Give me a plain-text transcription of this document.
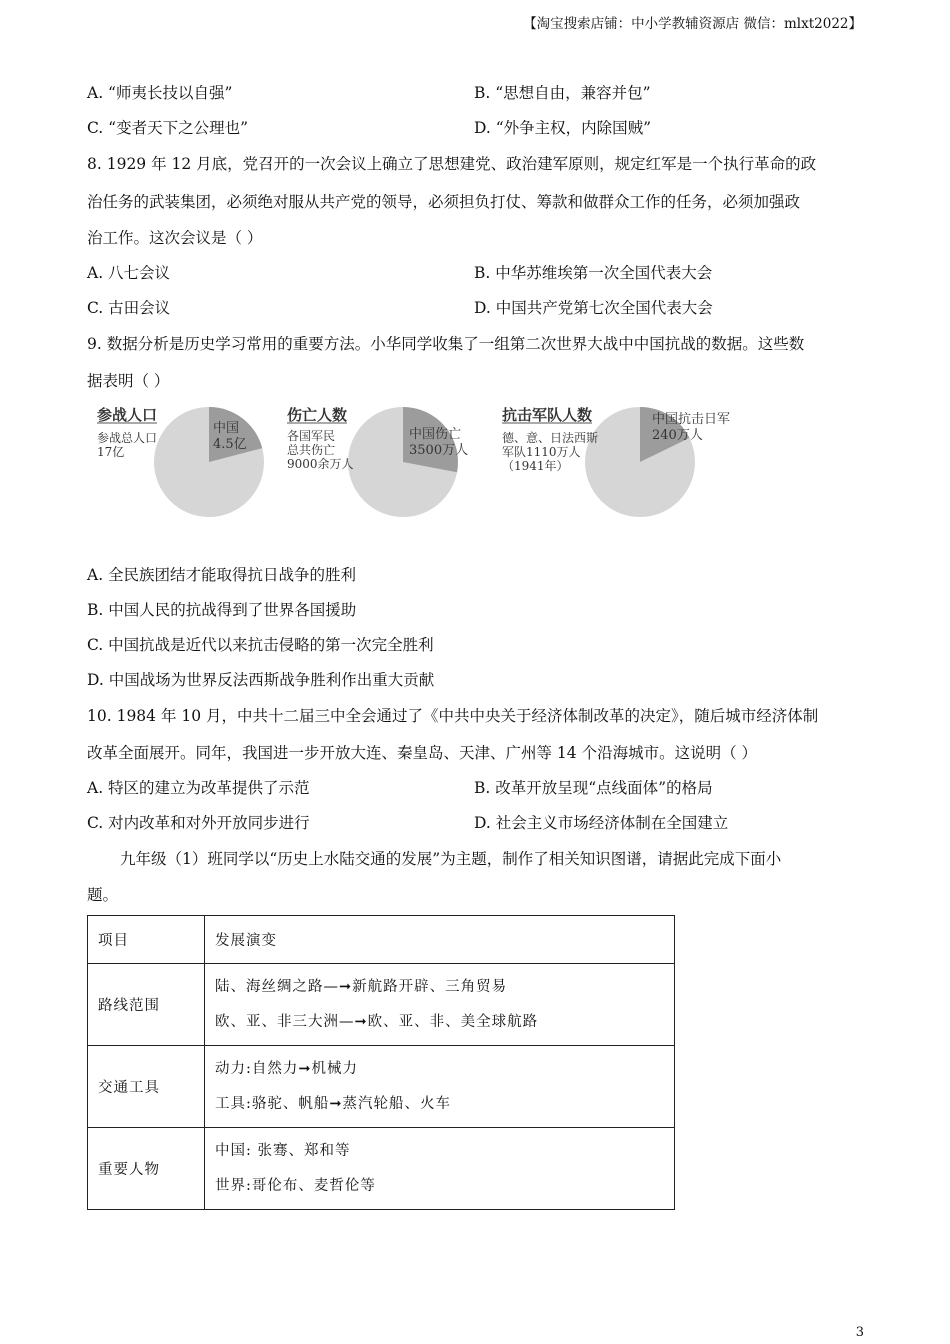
【淘宝搜索店铺：中小学教辅资源店 微信：mlxt2022】
A. “师夷长技以自强”	B. “思想自由，兼容并包”
C. “变者天下之公理也”	D. “外争主权，内除国贼”
8. 1929 年 12 月底，党召开的一次会议上确立了思想建党、政治建军原则，规定红军是一个执行革命的政
治任务的武装集团，必须绝对服从共产党的领导，必须担负打仗、筹款和做群众工作的任务，必须加强政
治工作。这次会议是（ ）
A. 八七会议	B. 中华苏维埃第一次全国代表大会
C. 古田会议	D. 中国共产党第七次全国代表大会
9. 数据分析是历史学习常用的重要方法。小华同学收集了一组第二次世界大战中中国抗战的数据。这些数
据表明（ ）
参战人口
参战总人口
17亿
中国
4.5亿
伤亡人数
各国军民
总共伤亡
9000余万人
中国伤亡
3500万人
抗击军队人数
德、意、日法西斯
军队1110万人
（1941年）
中国抗击日军
240万人
A. 全民族团结才能取得抗日战争的胜利
B. 中国人民的抗战得到了世界各国援助
C. 中国抗战是近代以来抗击侵略的第一次完全胜利
D. 中国战场为世界反法西斯战争胜利作出重大贡献
10. 1984 年 10 月，中共十二届三中全会通过了《中共中央关于经济体制改革的决定》，随后城市经济体制
改革全面展开。同年，我国进一步开放大连、秦皇岛、天津、广州等 14 个沿海城市。这说明（ ）
A. 特区的建立为改革提供了示范	B. 改革开放呈现“点线面体”的格局
C. 对内改革和对外开放同步进行	D. 社会主义市场经济体制在全国建立
九年级（1）班同学以“历史上水陆交通的发展”为主题，制作了相关知识图谱，请据此完成下面小
题。
项目	发展演变
路线范围	陆、海丝绸之路—➞新航路开辟、三角贸易
欧、亚、非三大洲—➞欧、亚、非、美全球航路

交通工具	动力:自然力➞机械力
工具:骆驼、帆船➞蒸汽轮船、火车

重要人物	中国: 张骞、郑和等
世界:哥伦布、麦哲伦等
3
